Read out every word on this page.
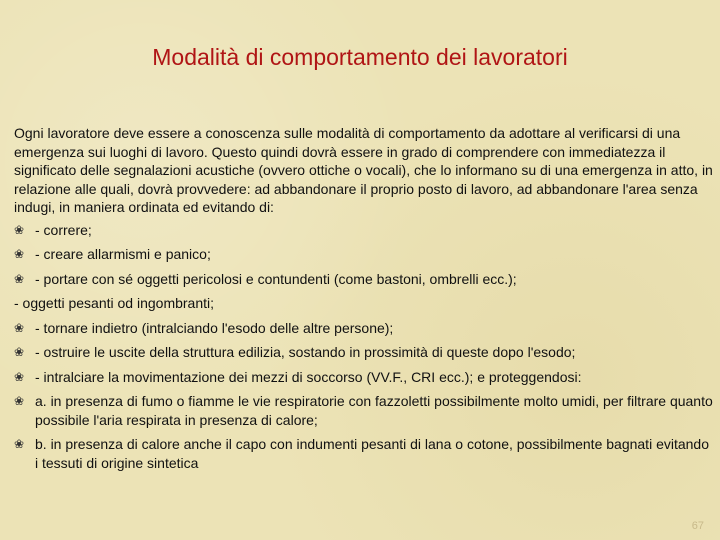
Modalità di comportamento dei lavoratori

Ogni lavoratore deve essere a conoscenza sulle modalità di comportamento da adottare al verificarsi di una emergenza sui luoghi di lavoro. Questo quindi dovrà essere in grado di comprendere con immediatezza il significato delle segnalazioni acustiche (ovvero ottiche o vocali), che lo informano su di una emergenza in atto, in relazione alle quali, dovrà provvedere: ad abbandonare il proprio posto di lavoro, ad abbandonare l'area senza indugi, in maniera ordinata ed evitando di:

❀ - correre;
❀ - creare allarmismi e panico;
❀ - portare con sé oggetti pericolosi e contundenti (come bastoni, ombrelli ecc.);
- oggetti pesanti od ingombranti;
❀ - tornare indietro (intralciando l'esodo delle altre persone);
❀ - ostruire le uscite della struttura edilizia, sostando in prossimità di queste dopo l'esodo;
❀ - intralciare la movimentazione dei mezzi di soccorso (VV.F., CRI ecc.); e proteggendosi:
❀ a. in presenza di fumo o fiamme le vie respiratorie con fazzoletti possibilmente molto umidi, per filtrare quanto possibile l'aria respirata in presenza di calore;
❀ b. in presenza di calore anche il capo con indumenti pesanti di lana o cotone, possibilmente bagnati evitando i tessuti di origine sintetica
67
